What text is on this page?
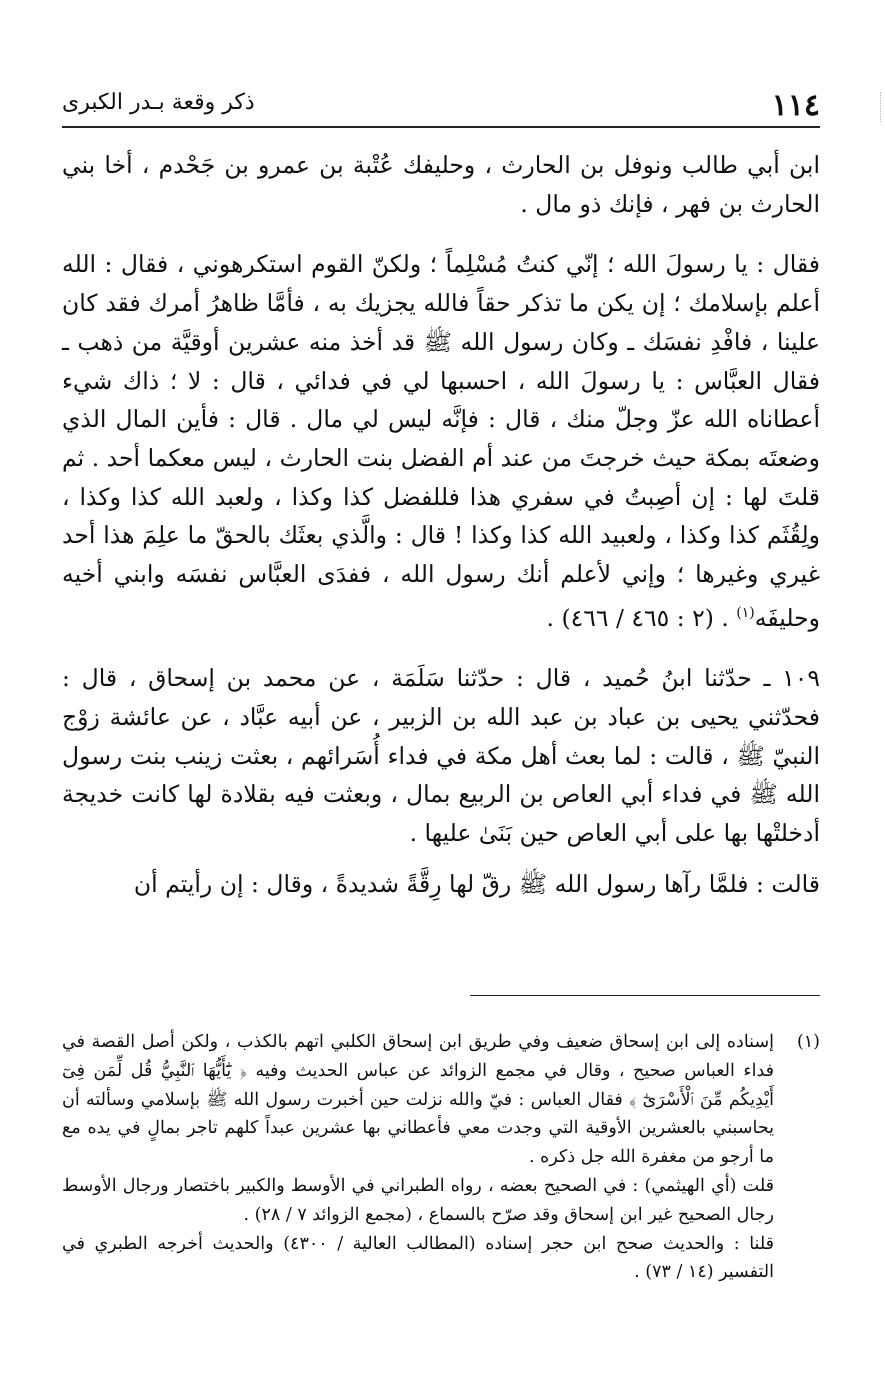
١١٤
ذكر وقعة بـدر الكبرى

ابن أبي طالب ونوفل بن الحارث ، وحليفك عُتْبة بن عمرو بن جَحْدم ، أخا بني الحارث بن فهر ، فإنك ذو مال .

فقال : يا رسولَ الله ؛ إنّي كنتُ مُسْلِماً ؛ ولكنّ القوم استكرهوني ، فقال : الله أعلم بإسلامك ؛ إن يكن ما تذكر حقاً فالله يجزيك به ، فأمَّا ظاهرُ أمرك فقد كان علينا ، فافْدِ نفسَك ـ وكان رسول الله ﷺ قد أخذ منه عشرين أوقيَّة من ذهب ـ فقال العبَّاس : يا رسولَ الله ، احسبها لي في فدائي ، قال : لا ؛ ذاك شيء أعطاناه الله عزّ وجلّ منك ، قال : فإنَّه ليس لي مال . قال : فأين المال الذي وضعتَه بمكة حيث خرجتَ من عند أم الفضل بنت الحارث ، ليس معكما أحد . ثم قلتَ لها : إن أصِبتُ في سفري هذا فللفضل كذا وكذا ، ولعبد الله كذا وكذا ، ولِقُثَم كذا وكذا ، ولعبيد الله كذا وكذا ! قال : والَّذي بعثَك بالحقّ ما علِمَ هذا أحد غيري وغيرها ؛ وإني لأعلم أنك رسول الله ، ففدَى العبَّاس نفسَه وابني أخيه وحليفَه$^{(١)}$ . (٢ : ٤٦٥ / ٤٦٦) .

١٠٩ ـ حدّثنا ابنُ حُميد ، قال : حدّثنا سَلَمَة ، عن محمد بن إسحاق ، قال : فحدّثني يحيى بن عباد بن عبد الله بن الزبير ، عن أبيه عبَّاد ، عن عائشة زوْج النبيّ ﷺ ، قالت : لما بعث أهل مكة في فداء أُسَرائهم ، بعثت زينب بنت رسول الله ﷺ في فداء أبي العاص بن الربيع بمال ، وبعثت فيه بقلادة لها كانت خديجة أدخلتْها بها على أبي العاص حين بَنَىٰ عليها .

قالت : فلمَّا رآها رسول الله ﷺ رقّ لها رِقَّةً شديدةً ، وقال : إن رأيتم أن

(١)

إسناده إلى ابن إسحاق ضعيف وفي طريق ابن إسحاق الكلبي اتهم بالكذب ، ولكن أصل القصة في فداء العباس صحيح ، وقال في مجمع الزوائد عن عباس الحديث وفيه ﴿ يَٰٓأَيُّهَا ٱلنَّبِيُّ قُل لِّمَن فِىٓ أَيْدِيكُم مِّنَ ٱلْأَسْرَىٰٓ ﴾ فقال العباس : فيّ والله نزلت حين أخبرت رسول الله ﷺ بإسلامي وسألته أن يحاسبني بالعشرين الأوقية التي وجدت معي فأعطاني بها عشرين عبداً كلهم تاجر بمالٍ في يده مع ما أرجو من مغفرة الله جل ذكره .

قلت (أي الهيثمي) : في الصحيح بعضه ، رواه الطبراني في الأوسط والكبير باختصار ورجال الأوسط رجال الصحيح غير ابن إسحاق وقد صرّح بالسماع ، (مجمع الزوائد ٧ / ٢٨) .

قلنا : والحديث صحح ابن حجر إسناده (المطالب العالية / ٤٣٠٠) والحديث أخرجه الطبري في التفسير (١٤ / ٧٣) .
